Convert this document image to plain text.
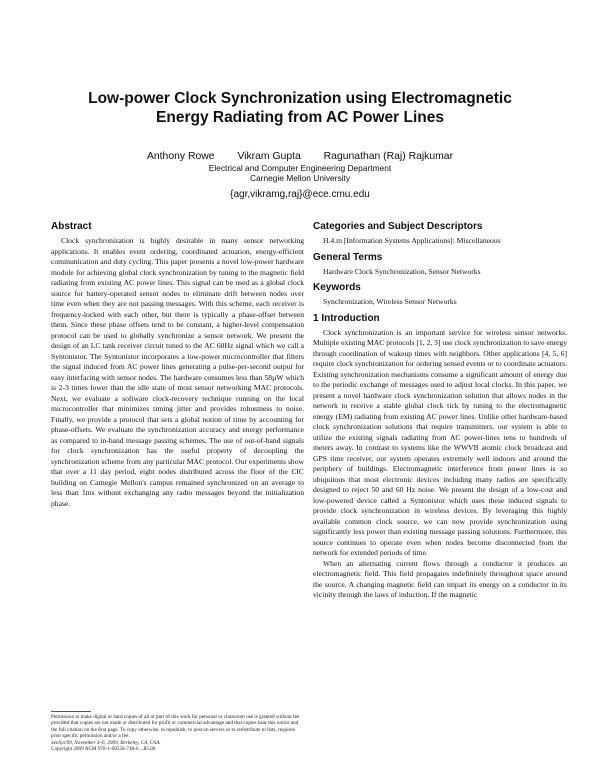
Low-power Clock Synchronization using Electromagnetic
Energy Radiating from AC Power Lines
Anthony Rowe Vikram Gupta Ragunathan (Raj) Rajkumar
Electrical and Computer Engineering Department
Carnegie Mellon University
{agr,vikramg,raj}@ece.cmu.edu
Abstract

Clock synchronization is highly desirable in many sensor networking applications. It enables event ordering, coordinated actuation, energy-efficient communication and duty cycling. This paper presents a novel low-power hardware module for achieving global clock synchronization by tuning to the magnetic field radiating from existing AC power lines. This signal can be used as a global clock source for battery-operated sensor nodes to eliminate drift between nodes over time even when they are not passing messages. With this scheme, each receiver is frequency-locked with each other, but there is typically a phase-offset between them. Since these phase offsets tend to be constant, a higher-level compensation protocol can be used to globally synchronize a sensor network. We present the design of an LC tank receiver circuit tuned to the AC 60Hz signal which we call a Syntonistor. The Syntonistor incorporates a low-power microcontroller that filters the signal induced from AC power lines generating a pulse-per-second output for easy interfacing with sensor nodes. The hardware consumes less than 58µW which is 2-3 times lower than the idle state of most sensor networking MAC protocols. Next, we evaluate a software clock-recovery technique running on the local microcontroller that minimizes timing jitter and provides robustness to noise. Finally, we provide a protocol that sets a global notion of time by accounting for phase-offsets. We evaluate the synchronization accuracy and energy performance as compared to in-band message passing schemes. The use of out-of-band signals for clock synchronization has the useful property of decoupling the synchronization scheme from any particular MAC protocol. Our experiments show that over a 11 day period, eight nodes distributed across the floor of the CIC building on Carnegie Mellon's campus remained synchronized on an average to less than 1ms without exchanging any radio messages beyond the initialization phase.

Permission to make digital or hard copies of all or part of this work for personal or classroom use is granted without fee provided that copies are not made or distributed for profit or commercial advantage and that copies bear this notice and the full citation on the first page. To copy otherwise, to republish, to post on servers or to redistribute to lists, requires prior specific permission and/or a fee.
SenSys'09, November 4–6, 2009, Berkeley, CA, USA.
Copyright 2009 ACM 978-1-60558-748-6 ...$5.00
Categories and Subject Descriptors
H.4.m [Information Systems Applications]: Miscellaneous
General Terms
Hardware Clock Synchronization, Sensor Networks
Keywords
Synchronization, Wireless Sensor Networks
1 Introduction

Clock synchronization is an important service for wireless sensor networks. Multiple existing MAC protocols [1, 2, 3] use clock synchronization to save energy through coordination of wakeup times with neighbors. Other applications [4, 5, 6] require clock synchronization for ordering sensed events or to coordinate actuators. Existing synchronization mechanisms consume a significant amount of energy due to the periodic exchange of messages used to adjust local clocks. In this paper, we present a novel hardware clock synchronization solution that allows nodes in the network to receive a stable global clock tick by tuning to the electromagnetic energy (EM) radiating from existing AC power lines. Unlike other hardware-based clock synchronization solutions that require transmitters, our system is able to utilize the existing signals radiating from AC power-lines tens to hundreds of meters away. In contrast to systems like the WWVB atomic clock broadcast and GPS time receiver, our system operates extremely well indoors and around the periphery of buildings. Electromagnetic interference from power lines is so ubiquitous that most electronic devices including many radios are specifically designed to reject 50 and 60 Hz noise. We present the design of a low-cost and low-powered device called a Syntonistor which uses these induced signals to provide clock synchronization in wireless devices. By leveraging this highly available common clock source, we can now provide synchronization using significantly less power than existing message passing solutions. Furthermore, this source continues to operate even when nodes become disconnected from the network for extended periods of time.

When an alternating current flows through a conductor it produces an electromagnetic field. This field propagates indefinitely throughout space around the source. A changing magnetic field can impart its energy on a conductor in its vicinity through the laws of induction. If the magnetic
